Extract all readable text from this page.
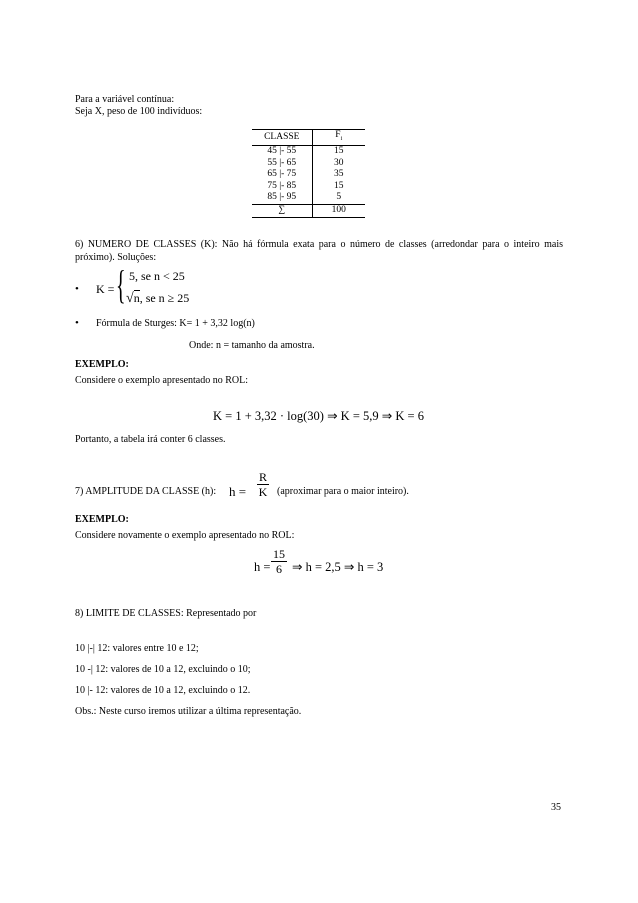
Para a variável contínua:
Seja X, peso de 100 indivíduos:
CLASSE	$F_i$
45 |- 55	15
55 |- 65	30
65 |- 75	35
75 |- 85	15
85 |- 95	5
∑	100
6) NUMERO DE CLASSES (K): Não há fórmula exata para o número de classes (arredondar para o inteiro mais próximo). Soluções:
• K = { 5, se n < 25
√n, se n ≥ 25
• Fórmula de Sturges: K= 1 + 3,32 log(n)
Onde: n = tamanho da amostra.
EXEMPLO:
Considere o exemplo apresentado no ROL:
K = 1 + 3,32 · log(30) ⇒ K = 5,9 ⇒ K = 6
Portanto, a tabela irá conter 6 classes.
7) AMPLITUDE DA CLASSE (h): h =
R
K (aproximar para o maior inteiro).
EXEMPLO:
Considere novamente o exemplo apresentado no ROL:
h =
15
6 ⇒ h = 2,5 ⇒ h = 3
8) LIMITE DE CLASSES: Representado por
10 |-| 12: valores entre 10 e 12;
10 -| 12: valores de 10 a 12, excluindo o 10;
10 |- 12: valores de 10 a 12, excluindo o 12.
Obs.: Neste curso iremos utilizar a última representação.
35
